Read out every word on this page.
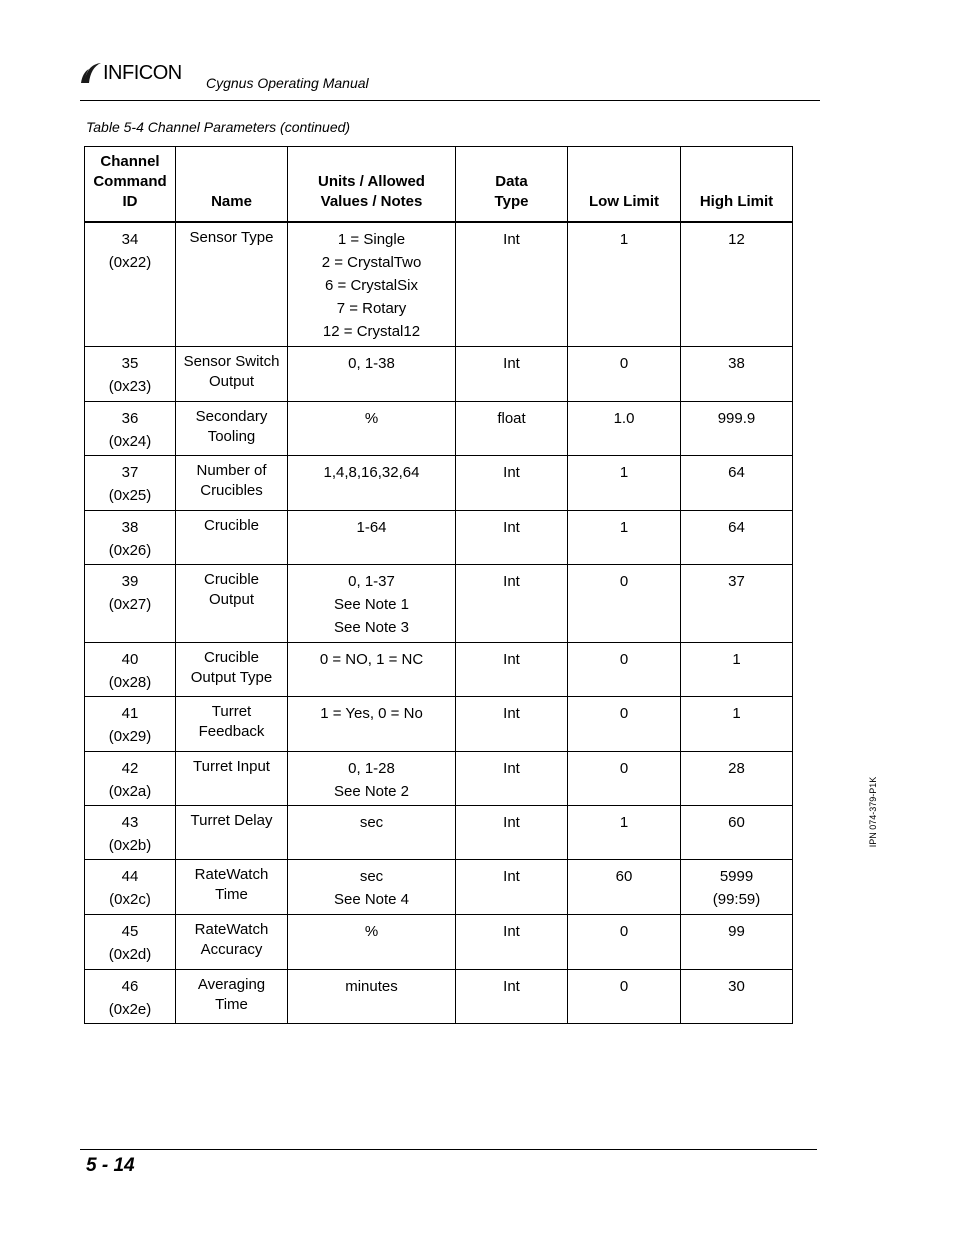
INFICON Cygnus Operating Manual
Table 5-4 Channel Parameters (continued)
Channel
Command
ID	Name	Units / Allowed
Values / Notes	Data
Type	Low Limit	High Limit

34
(0x22)	Sensor Type	1 = Single
2 = CrystalTwo
6 = CrystalSix
7 = Rotary
12 = Crystal12	Int	1	12

35
(0x23)	Sensor Switch
Output	0, 1-38	Int	0	38

36
(0x24)	Secondary
Tooling	%	float	1.0	999.9

37
(0x25)	Number of
Crucibles	1,4,8,16,32,64	Int	1	64

38
(0x26)	Crucible	1-64	Int	1	64

39
(0x27)	Crucible
Output	0, 1-37
See Note 1
See Note 3	Int	0	37

40
(0x28)	Crucible
Output Type	0 = NO, 1 = NC	Int	0	1

41
(0x29)	Turret
Feedback	1 = Yes, 0 = No	Int	0	1

42
(0x2a)	Turret Input	0, 1-28
See Note 2	Int	0	28

43
(0x2b)	Turret Delay	sec	Int	1	60

44
(0x2c)	RateWatch
Time	sec
See Note 4	Int	60	5999
(99:59)

45
(0x2d)	RateWatch
Accuracy	%	Int	0	99

46
(0x2e)	Averaging
Time	minutes	Int	0	30
5 - 14
IPN 074-379-P1K
